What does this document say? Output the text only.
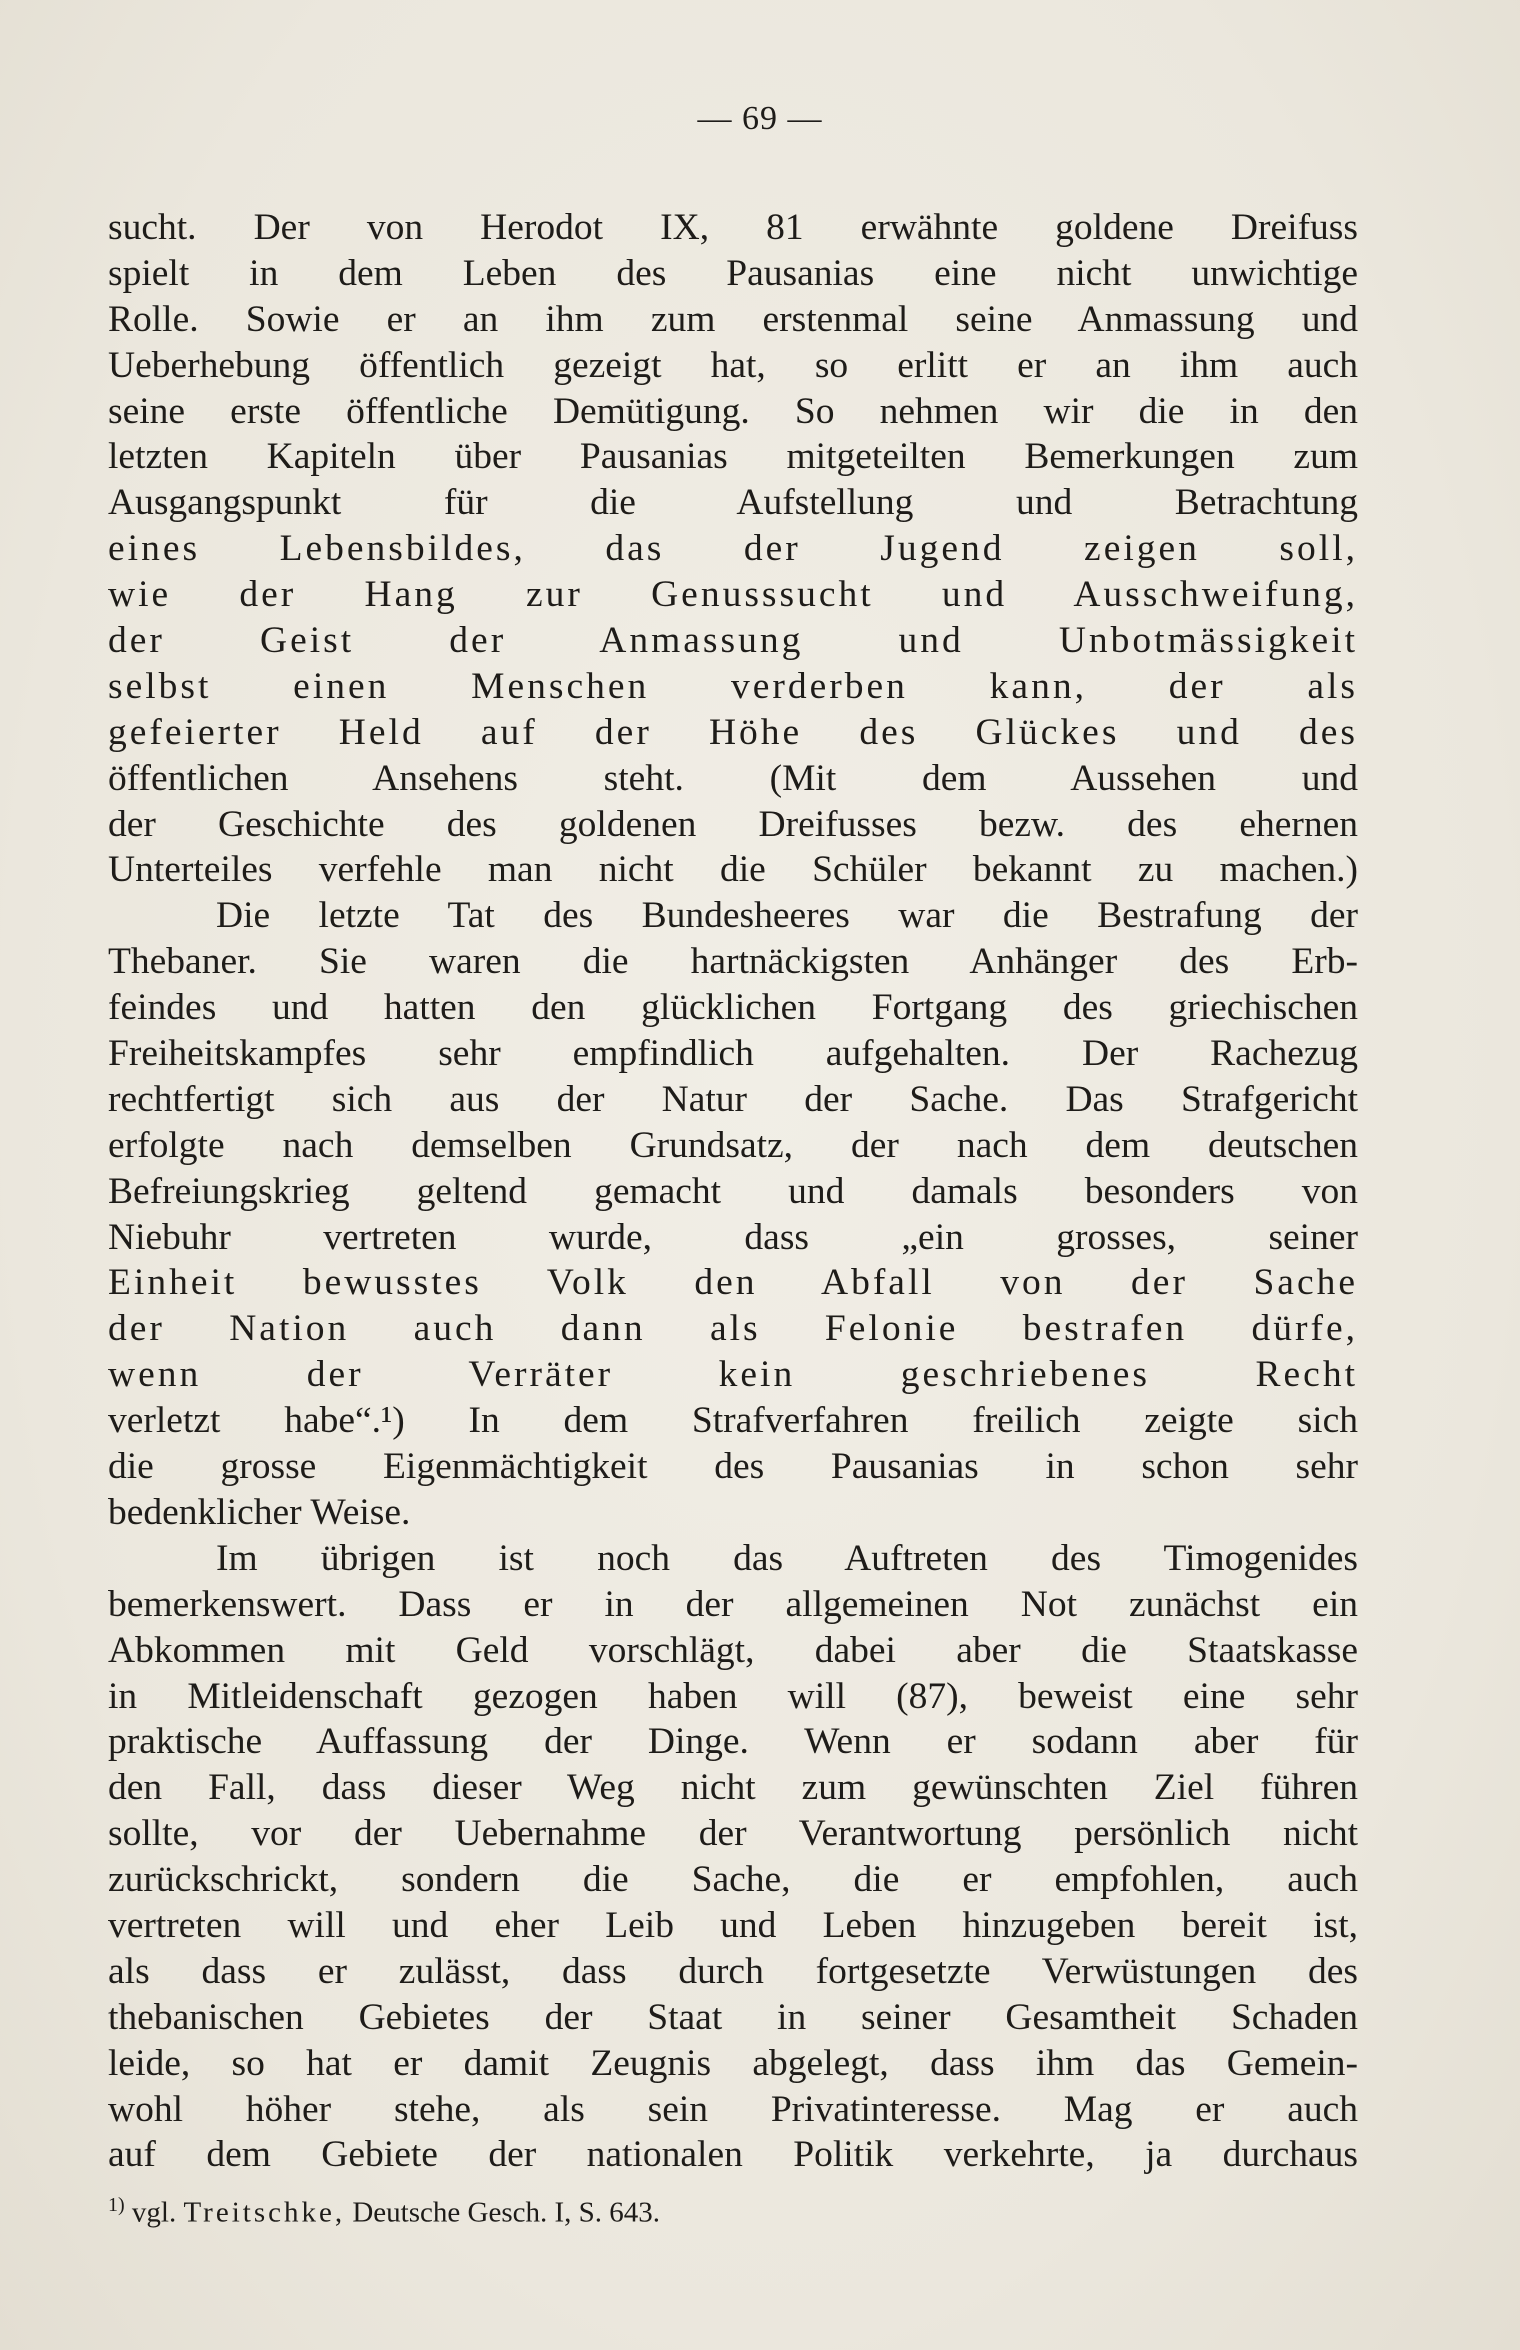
— 69 —
sucht. Der von Herodot IX, 81 erwähnte goldene Dreifuss
spielt in dem Leben des Pausanias eine nicht unwichtige
Rolle. Sowie er an ihm zum erstenmal seine Anmassung und
Ueberhebung öffentlich gezeigt hat, so erlitt er an ihm auch
seine erste öffentliche Demütigung. So nehmen wir die in den
letzten Kapiteln über Pausanias mitgeteilten Bemerkungen zum
Ausgangspunkt für die Aufstellung und Betrachtung
eines Lebensbildes, das der Jugend zeigen soll,
wie der Hang zur Genusssucht und Ausschweifung,
der Geist der Anmassung und Unbotmässigkeit
selbst einen Menschen verderben kann, der als
gefeierter Held auf der Höhe des Glückes und des
öffentlichen Ansehens steht. (Mit dem Aussehen und
der Geschichte des goldenen Dreifusses bezw. des ehernen
Unterteiles verfehle man nicht die Schüler bekannt zu machen.)
Die letzte Tat des Bundesheeres war die Bestrafung der
Thebaner. Sie waren die hartnäckigsten Anhänger des Erb-
feindes und hatten den glücklichen Fortgang des griechischen
Freiheitskampfes sehr empfindlich aufgehalten. Der Rachezug
rechtfertigt sich aus der Natur der Sache. Das Strafgericht
erfolgte nach demselben Grundsatz, der nach dem deutschen
Befreiungskrieg geltend gemacht und damals besonders von
Niebuhr vertreten wurde, dass „ein grosses, seiner
Einheit bewusstes Volk den Abfall von der Sache
der Nation auch dann als Felonie bestrafen dürfe,
wenn der Verräter kein geschriebenes Recht
verletzt habe“.¹) In dem Strafverfahren freilich zeigte sich
die grosse Eigenmächtigkeit des Pausanias in schon sehr
bedenklicher Weise.
Im übrigen ist noch das Auftreten des Timogenides
bemerkenswert. Dass er in der allgemeinen Not zunächst ein
Abkommen mit Geld vorschlägt, dabei aber die Staatskasse
in Mitleidenschaft gezogen haben will (87), beweist eine sehr
praktische Auffassung der Dinge. Wenn er sodann aber für
den Fall, dass dieser Weg nicht zum gewünschten Ziel führen
sollte, vor der Uebernahme der Verantwortung persönlich nicht
zurückschrickt, sondern die Sache, die er empfohlen, auch
vertreten will und eher Leib und Leben hinzugeben bereit ist,
als dass er zulässt, dass durch fortgesetzte Verwüstungen des
thebanischen Gebietes der Staat in seiner Gesamtheit Schaden
leide, so hat er damit Zeugnis abgelegt, dass ihm das Gemein-
wohl höher stehe, als sein Privatinteresse. Mag er auch
auf dem Gebiete der nationalen Politik verkehrte, ja durchaus
$^{1)}$ vgl. Treitschke, Deutsche Gesch. I, S. 643.
